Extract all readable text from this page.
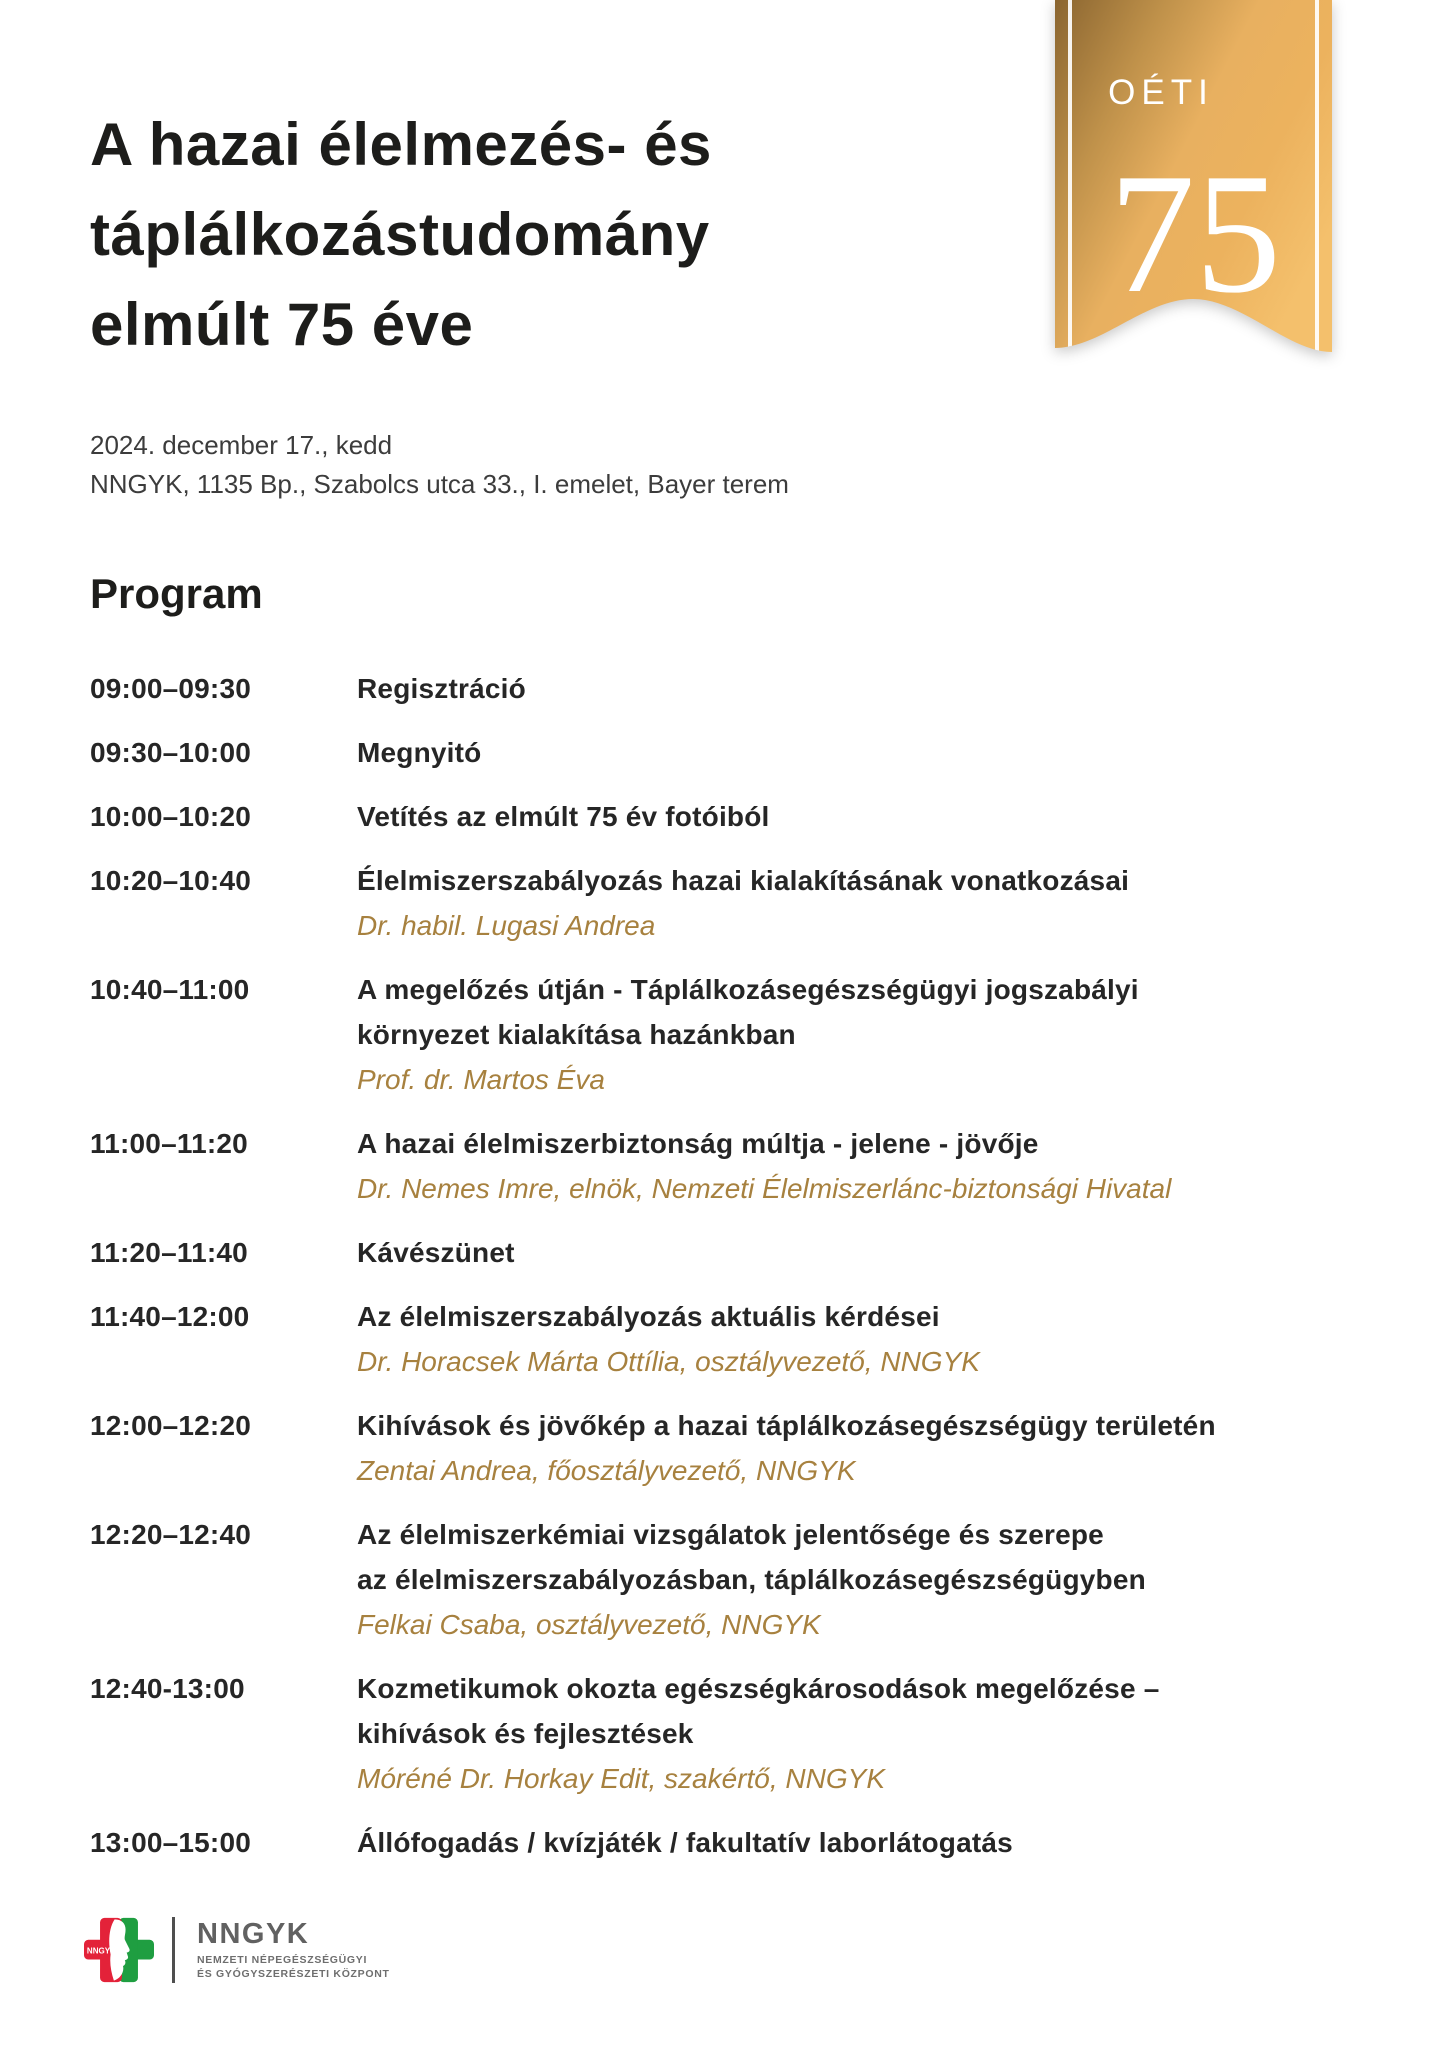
OÉTI
75
A hazai élelmezés- és
táplálkozástudomány
elmúlt 75 éve
2024. december 17., kedd
NNGYK, 1135 Bp., Szabolcs utca 33., I. emelet, Bayer terem
Program
09:00–09:30	Regisztráció
09:30–10:00	Megnyitó
10:00–10:20	Vetítés az elmúlt 75 év fotóiból
10:20–10:40	Élelmiszerszabályozás hazai kialakításának vonatkozásai
Dr. habil. Lugasi Andrea
10:40–11:00	A megelőzés útján - Táplálkozásegészségügyi jogszabályi
környezet kialakítása hazánkban
Prof. dr. Martos Éva
11:00–11:20	A hazai élelmiszerbiztonság múltja - jelene - jövője
Dr. Nemes Imre, elnök, Nemzeti Élelmiszerlánc-biztonsági Hivatal
11:20–11:40	Kávészünet
11:40–12:00	Az élelmiszerszabályozás aktuális kérdései
Dr. Horacsek Márta Ottília, osztályvezető, NNGYK
12:00–12:20	Kihívások és jövőkép a hazai táplálkozásegészségügy területén
Zentai Andrea, főosztályvezető, NNGYK
12:20–12:40	Az élelmiszerkémiai vizsgálatok jelentősége és szerepe
az élelmiszerszabályozásban, táplálkozásegészségügyben
Felkai Csaba, osztályvezető, NNGYK
12:40-13:00	Kozmetikumok okozta egészségkárosodások megelőzése –
kihívások és fejlesztések
Móréné Dr. Horkay Edit, szakértő, NNGYK
13:00–15:00	Állófogadás / kvízjáték / fakultatív laborlátogatás
NNGYK
NNGYK
NEMZETI NÉPEGÉSZSÉGÜGYI
ÉS GYÓGYSZERÉSZETI KÖZPONT
